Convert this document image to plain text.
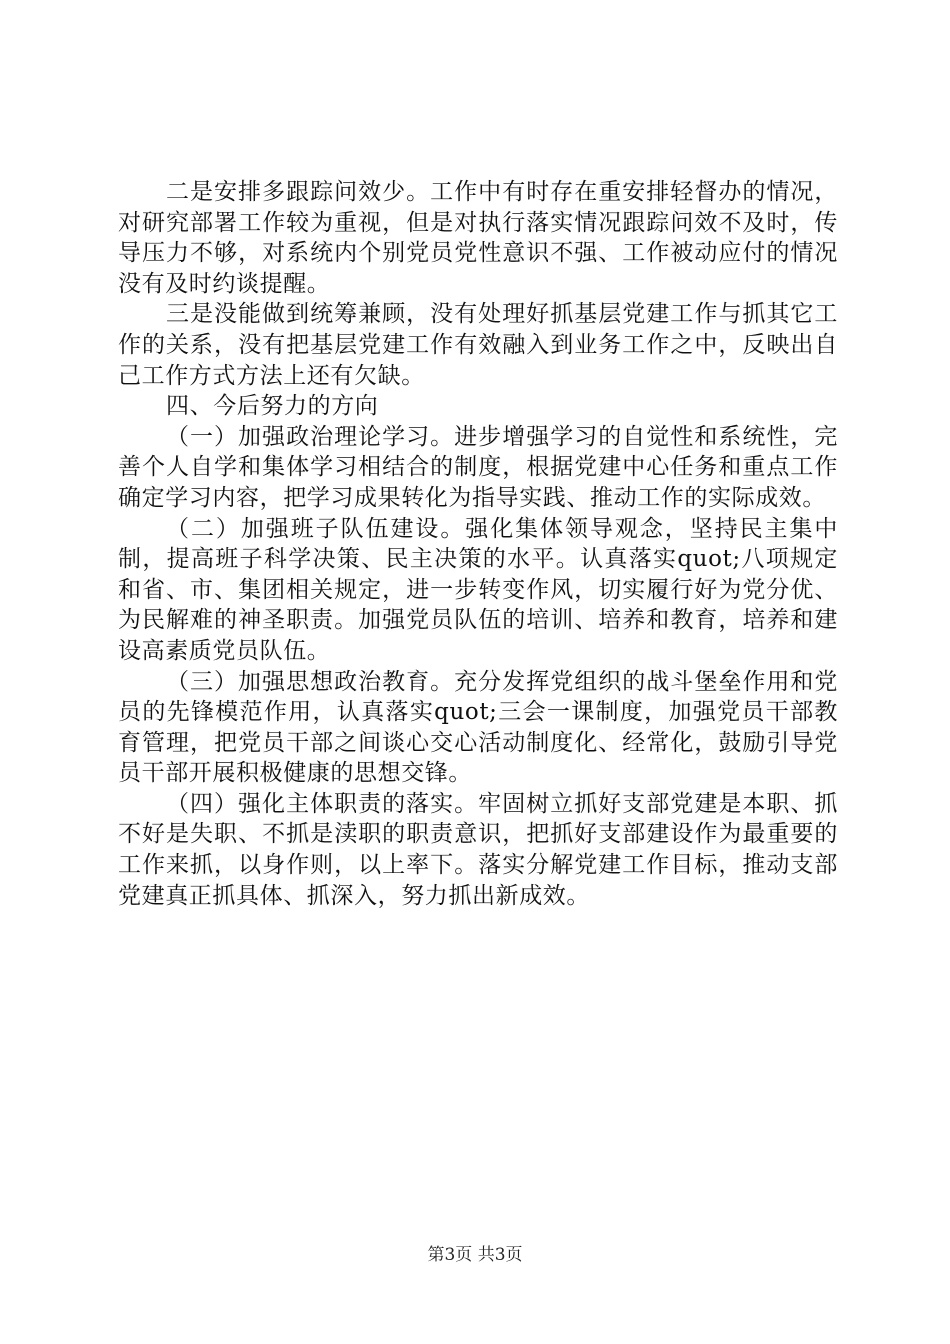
二是安排多跟踪问效少。工作中有时存在重安排轻督办的情况，对研究部署工作较为重视，但是对执行落实情况跟踪问效不及时，传导压力不够，对系统内个别党员党性意识不强、工作被动应付的情况没有及时约谈提醒。

三是没能做到统筹兼顾，没有处理好抓基层党建工作与抓其它工作的关系，没有把基层党建工作有效融入到业务工作之中，反映出自己工作方式方法上还有欠缺。

四、今后努力的方向

（一）加强政治理论学习。进步增强学习的自觉性和系统性，完善个人自学和集体学习相结合的制度，根据党建中心任务和重点工作确定学习内容，把学习成果转化为指导实践、推动工作的实际成效。

（二）加强班子队伍建设。强化集体领导观念，坚持民主集中制，提高班子科学决策、民主决策的水平。认真落实quot;八项规定和省、市、集团相关规定，进一步转变作风，切实履行好为党分优、为民解难的神圣职责。加强党员队伍的培训、培养和教育，培养和建设高素质党员队伍。

（三）加强思想政治教育。充分发挥党组织的战斗堡垒作用和党员的先锋模范作用，认真落实quot;三会一课制度，加强党员干部教育管理，把党员干部之间谈心交心活动制度化、经常化，鼓励引导党员干部开展积极健康的思想交锋。

（四）强化主体职责的落实。牢固树立抓好支部党建是本职、抓不好是失职、不抓是渎职的职责意识，把抓好支部建设作为最重要的工作来抓，以身作则，以上率下。落实分解党建工作目标，推动支部党建真正抓具体、抓深入，努力抓出新成效。

第3页 共3页
